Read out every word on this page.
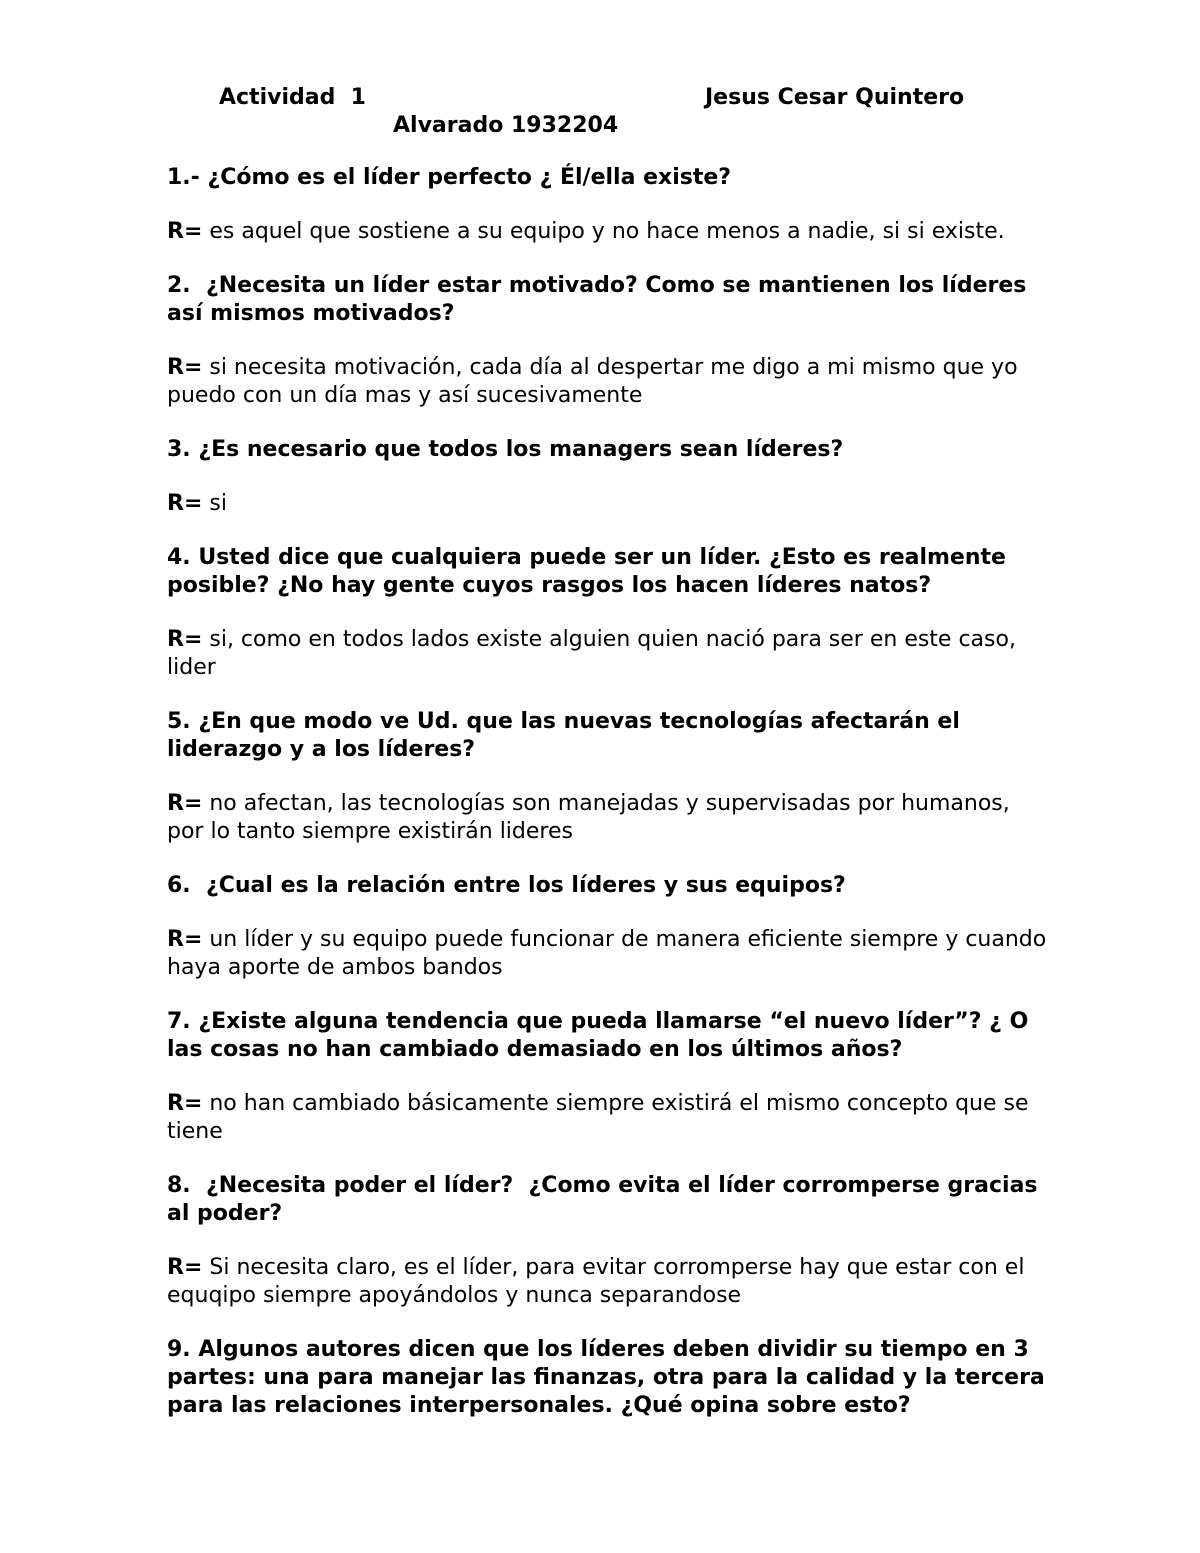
Actividad  1	Jesus Cesar Quintero
Alvarado 1932204

1.- ¿Cómo es el líder perfecto ¿ Él/ella existe?

R= es aquel que sostiene a su equipo y no hace menos a nadie, si si existe.

2.  ¿Necesita un líder estar motivado? Como se mantienen los líderes así mismos motivados?

R= si necesita motivación, cada día al despertar me digo a mi mismo que yo puedo con un día mas y así sucesivamente

3. ¿Es necesario que todos los managers sean líderes?

R= si

4. Usted dice que cualquiera puede ser un líder. ¿Esto es realmente posible? ¿No hay gente cuyos rasgos los hacen líderes natos?

R= si, como en todos lados existe alguien quien nació para ser en este caso, lider

5. ¿En que modo ve Ud. que las nuevas tecnologías afectarán el liderazgo y a los líderes?

R= no afectan, las tecnologías son manejadas y supervisadas por humanos, por lo tanto siempre existirán lideres

6.  ¿Cual es la relación entre los líderes y sus equipos?

R= un líder y su equipo puede funcionar de manera eficiente siempre y cuando haya aporte de ambos bandos

7. ¿Existe alguna tendencia que pueda llamarse “el nuevo líder”? ¿ O las cosas no han cambiado demasiado en los últimos años?

R= no han cambiado básicamente siempre existirá el mismo concepto que se tiene

8.  ¿Necesita poder el líder?  ¿Como evita el líder corromperse gracias al poder?

R= Si necesita claro, es el líder, para evitar corromperse hay que estar con el equqipo siempre apoyándolos y nunca separandose

9. Algunos autores dicen que los líderes deben dividir su tiempo en 3 partes: una para manejar las finanzas, otra para la calidad y la tercera para las relaciones interpersonales. ¿Qué opina sobre esto?
